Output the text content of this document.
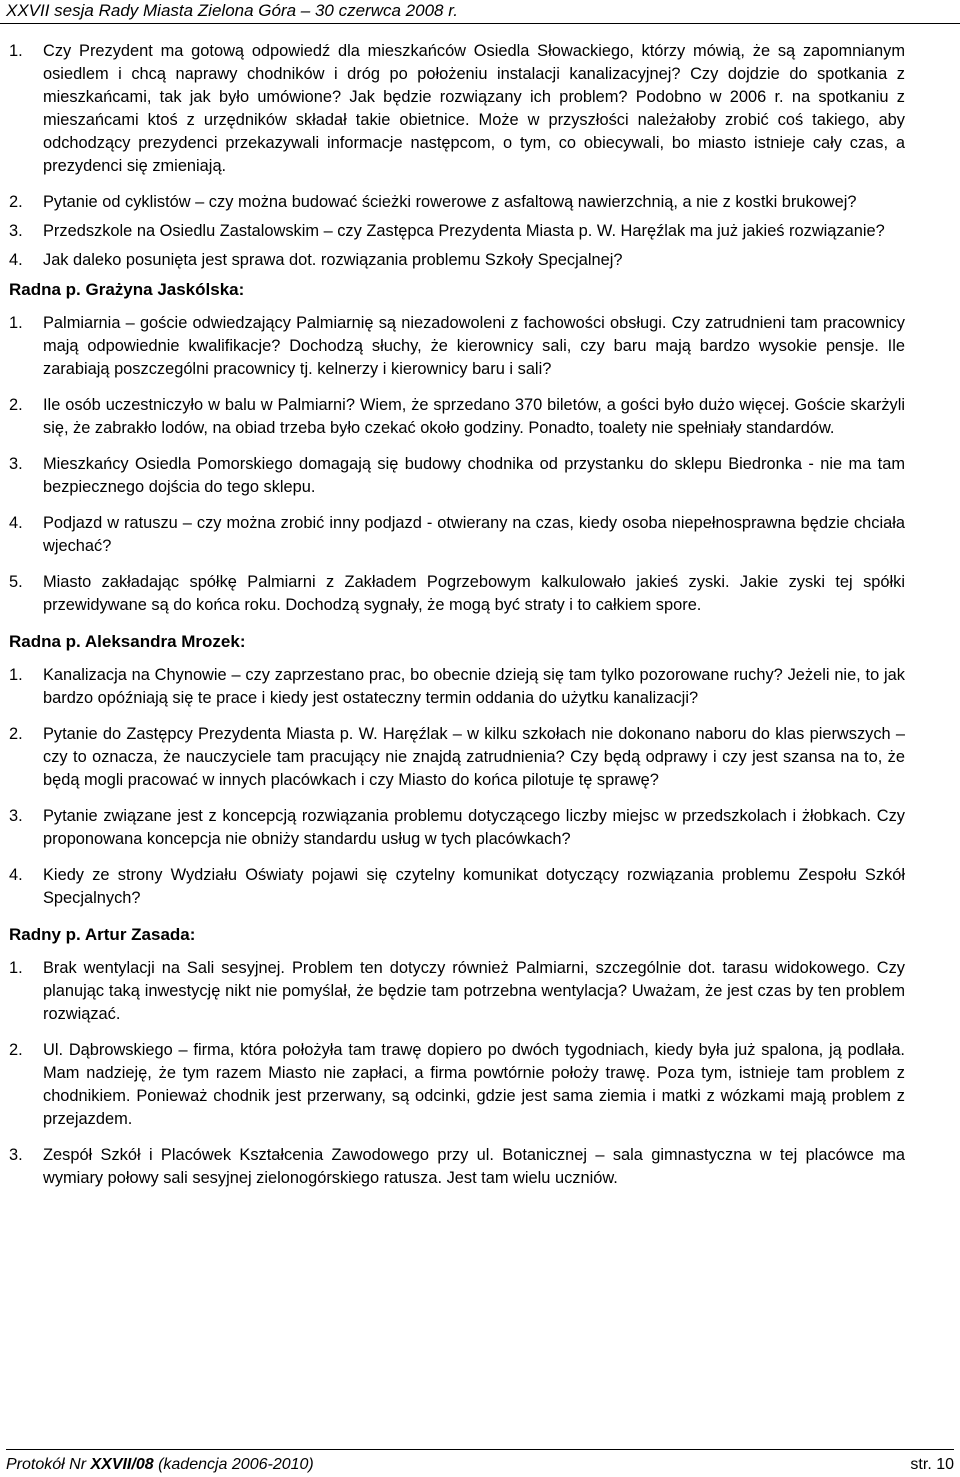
XXVII sesja Rady Miasta Zielona Góra – 30 czerwca 2008 r.
1.	Czy Prezydent ma gotową odpowiedź dla mieszkańców Osiedla Słowackiego, którzy mówią, że są zapomnianym osiedlem i chcą naprawy chodników i dróg po położeniu instalacji kanalizacyjnej? Czy dojdzie do spotkania z mieszkańcami, tak jak było umówione? Jak będzie rozwiązany ich problem? Podobno w 2006 r. na spotkaniu z mieszańcami ktoś z urzędników składał takie obietnice. Może w przyszłości należałoby zrobić coś takiego, aby odchodzący prezydenci przekazywali informacje następcom, o tym, co obiecywali, bo miasto istnieje cały czas, a prezydenci się zmieniają.
2.	Pytanie od cyklistów – czy można budować ścieżki rowerowe z asfaltową nawierzchnią, a nie z kostki brukowej?
3.	Przedszkole na Osiedlu Zastalowskim – czy Zastępca Prezydenta Miasta p. W. Haręźlak ma już jakieś rozwiązanie?
4.	Jak daleko posunięta jest sprawa dot. rozwiązania problemu Szkoły Specjalnej?
Radna p. Grażyna Jaskólska:
1.	Palmiarnia – goście odwiedzający Palmiarnię są niezadowoleni z fachowości obsługi. Czy zatrudnieni tam pracownicy mają odpowiednie kwalifikacje? Dochodzą słuchy, że kierownicy sali, czy baru mają bardzo wysokie pensje. Ile zarabiają poszczególni pracownicy tj. kelnerzy i kierownicy baru i sali?
2.	Ile osób uczestniczyło w balu w Palmiarni? Wiem, że sprzedano 370 biletów, a gości było dużo więcej. Goście skarżyli się, że zabrakło lodów, na obiad trzeba było czekać około godziny. Ponadto, toalety nie spełniały standardów.
3.	Mieszkańcy Osiedla Pomorskiego domagają się budowy chodnika od przystanku do sklepu Biedronka - nie ma tam bezpiecznego dojścia do tego sklepu.
4.	Podjazd w ratuszu – czy można zrobić inny podjazd - otwierany na czas, kiedy osoba niepełnosprawna będzie chciała wjechać?
5.	Miasto zakładając spółkę Palmiarni z Zakładem Pogrzebowym kalkulowało jakieś zyski. Jakie zyski tej spółki przewidywane są do końca roku. Dochodzą sygnały, że mogą być straty i to całkiem spore.
Radna p. Aleksandra Mrozek:
1.	Kanalizacja na Chynowie – czy zaprzestano prac, bo obecnie dzieją się tam tylko pozorowane ruchy? Jeżeli nie, to jak bardzo opóźniają się te prace i kiedy jest ostateczny termin oddania do użytku kanalizacji?
2.	Pytanie do Zastępcy Prezydenta Miasta p. W. Haręźlak – w kilku szkołach nie dokonano naboru do klas pierwszych – czy to oznacza, że nauczyciele tam pracujący nie znajdą zatrudnienia? Czy będą odprawy i czy jest szansa na to, że będą mogli pracować w innych placówkach i czy Miasto do końca pilotuje tę sprawę?
3.	Pytanie związane jest z koncepcją rozwiązania problemu dotyczącego liczby miejsc w przedszkolach i żłobkach. Czy proponowana koncepcja nie obniży standardu usług w tych placówkach?
4.	Kiedy ze strony Wydziału Oświaty pojawi się czytelny komunikat dotyczący rozwiązania problemu Zespołu Szkół Specjalnych?
Radny p. Artur Zasada:
1.	Brak wentylacji na Sali sesyjnej. Problem ten dotyczy również Palmiarni, szczególnie dot. tarasu widokowego. Czy planując taką inwestycję nikt nie pomyślał, że będzie tam potrzebna wentylacja? Uważam, że jest czas by ten problem rozwiązać.
2.	Ul. Dąbrowskiego – firma, która położyła tam trawę dopiero po dwóch tygodniach, kiedy była już spalona, ją podlała. Mam nadzieję, że tym razem Miasto nie zapłaci, a firma powtórnie położy trawę. Poza tym, istnieje tam problem z chodnikiem. Ponieważ chodnik jest przerwany, są odcinki, gdzie jest sama ziemia i matki z wózkami mają problem z przejazdem.
3.	Zespół Szkół i Placówek Kształcenia Zawodowego przy ul. Botanicznej – sala gimnastyczna w tej placówce ma wymiary połowy sali sesyjnej zielonogórskiego ratusza. Jest tam wielu uczniów.
Protokół Nr XXVII/08 (kadencja 2006-2010)	str. 10
